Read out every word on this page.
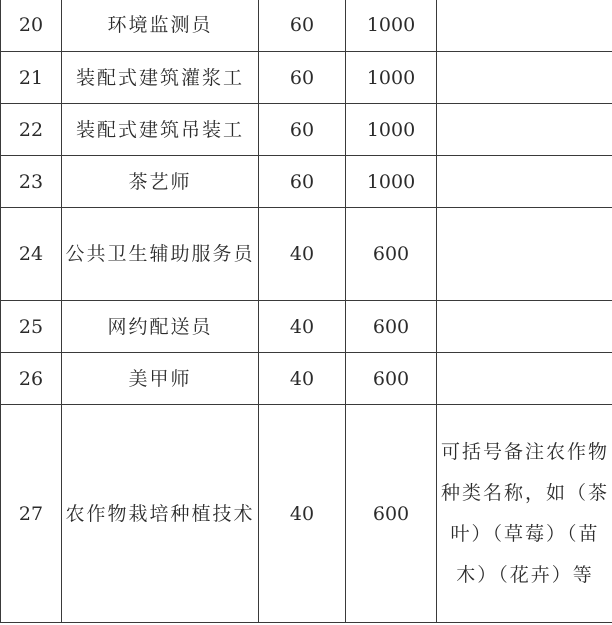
20	环境监测员	60	1000	
21	装配式建筑灌浆工	60	1000	
22	装配式建筑吊装工	60	1000	
23	茶艺师	60	1000	
24	公共卫生辅助服务员	40	600	
25	网约配送员	40	600	
26	美甲师	40	600	
27	农作物栽培种植技术	40	600	可括号备注农作物种类名称，如（茶叶）（草莓）（苗木）（花卉）等
